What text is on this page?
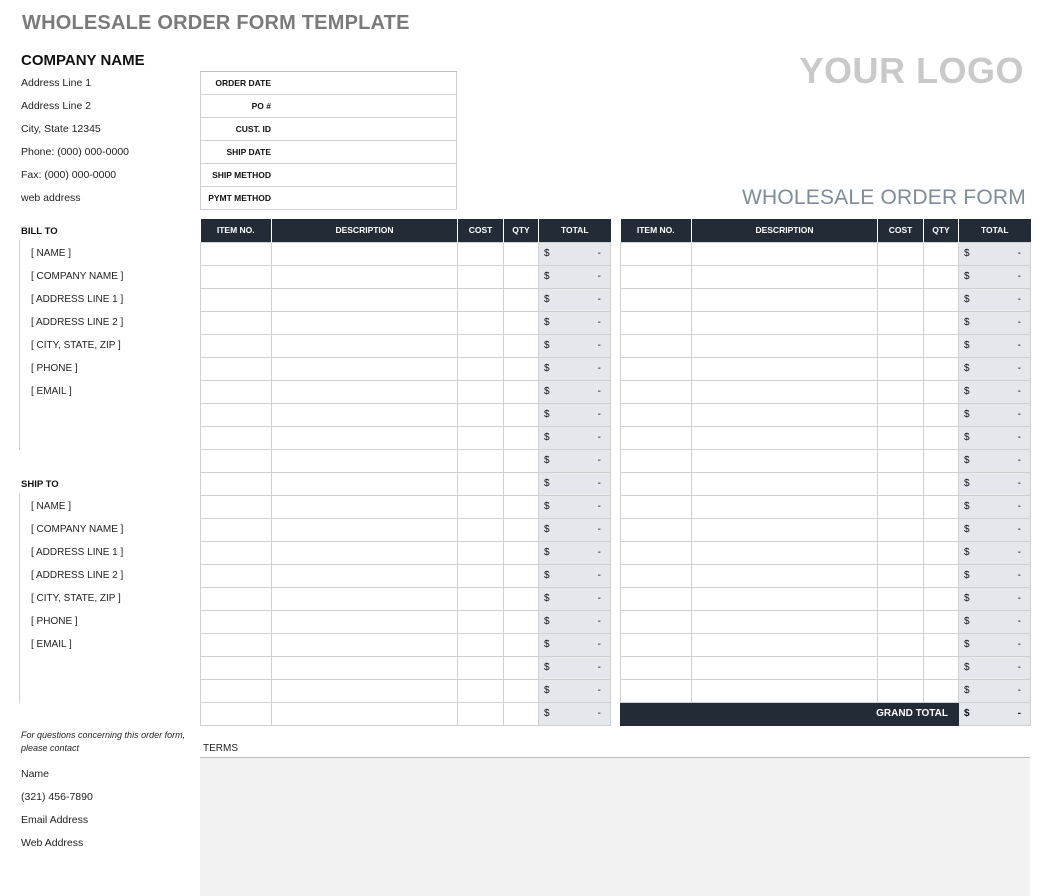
WHOLESALE ORDER FORM TEMPLATE
COMPANY NAME
Address Line 1
Address Line 2
City, State 12345
Phone: (000) 000-0000
Fax: (000) 000-0000
web address
YOUR LOGO
WHOLESALE ORDER FORM
ORDER DATE
PO #
CUST. ID
SHIP DATE
SHIP METHOD
PYMT METHOD
BILL TO
[ NAME ]
[ COMPANY NAME ]
[ ADDRESS LINE 1 ]
[ ADDRESS LINE 2 ]
[ CITY, STATE, ZIP ]
[ PHONE ]
[ EMAIL ]
SHIP TO
[ NAME ]
[ COMPANY NAME ]
[ ADDRESS LINE 1 ]
[ ADDRESS LINE 2 ]
[ CITY, STATE, ZIP ]
[ PHONE ]
[ EMAIL ]
ITEM NO.	DESCRIPTION	COST	QTY	TOTAL

				$ -

				$ -

				$ -

				$ -

				$ -

				$ -

				$ -

				$ -

				$ -

				$ -

				$ -

				$ -

				$ -

				$ -

				$ -

				$ -

				$ -

				$ -

				$ -

				$ -

				$ -
ITEM NO.	DESCRIPTION	COST	QTY	TOTAL

				$ -

				$ -

				$ -

				$ -

				$ -

				$ -

				$ -

				$ -

				$ -

				$ -

				$ -

				$ -

				$ -

				$ -

				$ -

				$ -

				$ -

				$ -

				$ -

				$ -

GRAND TOTAL				$ -
For questions concerning this order form, please contact
Name
(321) 456-7890
Email Address
Web Address
TERMS
